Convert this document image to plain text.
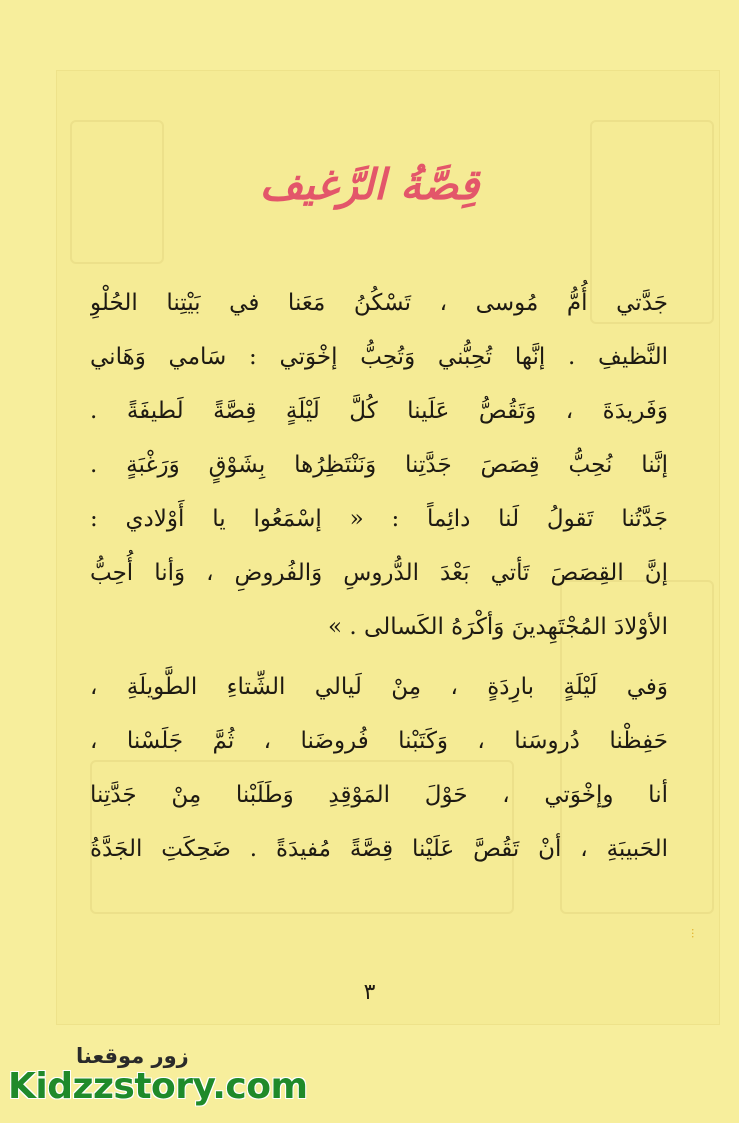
قِصَّةُ الرَّغيف
جَدَّتي أُمُّ مُوسى ، تَسْكُنُ مَعَنا في بَيْتِنا الحُلْوِ
النَّظيفِ . إنَّها تُحِبُّني وَتُحِبُّ إخْوَتي : سَامي وَهَاني
وَفَريدَةَ ، وَتَقُصُّ عَلَينا كُلَّ لَيْلَةٍ قِصَّةً لَطيفَةً .
إنَّنا نُحِبُّ قِصَصَ جَدَّتِنا وَنَنْتَظِرُها بِشَوْقٍ وَرَغْبَةٍ .
جَدَّتُنا تَقولُ لَنا دائِماً : « إسْمَعُوا يا أَوْلادي :
إنَّ القِصَصَ تَأتي بَعْدَ الدُّروسِ وَالفُروضِ ، وَأنا أُحِبُّ
الأوْلادَ المُجْتَهِدينَ وَأكْرَهُ الكَسالى . »
وَفي لَيْلَةٍ بارِدَةٍ ، مِنْ لَيالي الشِّتاءِ الطَّويلَةِ ،
حَفِظْنا دُروسَنا ، وَكَتَبْنا فُروضَنا ، ثُمَّ جَلَسْنا ،
أنا وإخْوَتي ، حَوْلَ المَوْقِدِ وَطَلَبْنا مِنْ جَدَّتِنا
الحَبيبَةِ ، أنْ تَقُصَّ عَلَيْنا قِصَّةً مُفيدَةً . ضَحِكَتِ الجَدَّةُ
٣
···
زور موقعنا
Kidzzstory.com
